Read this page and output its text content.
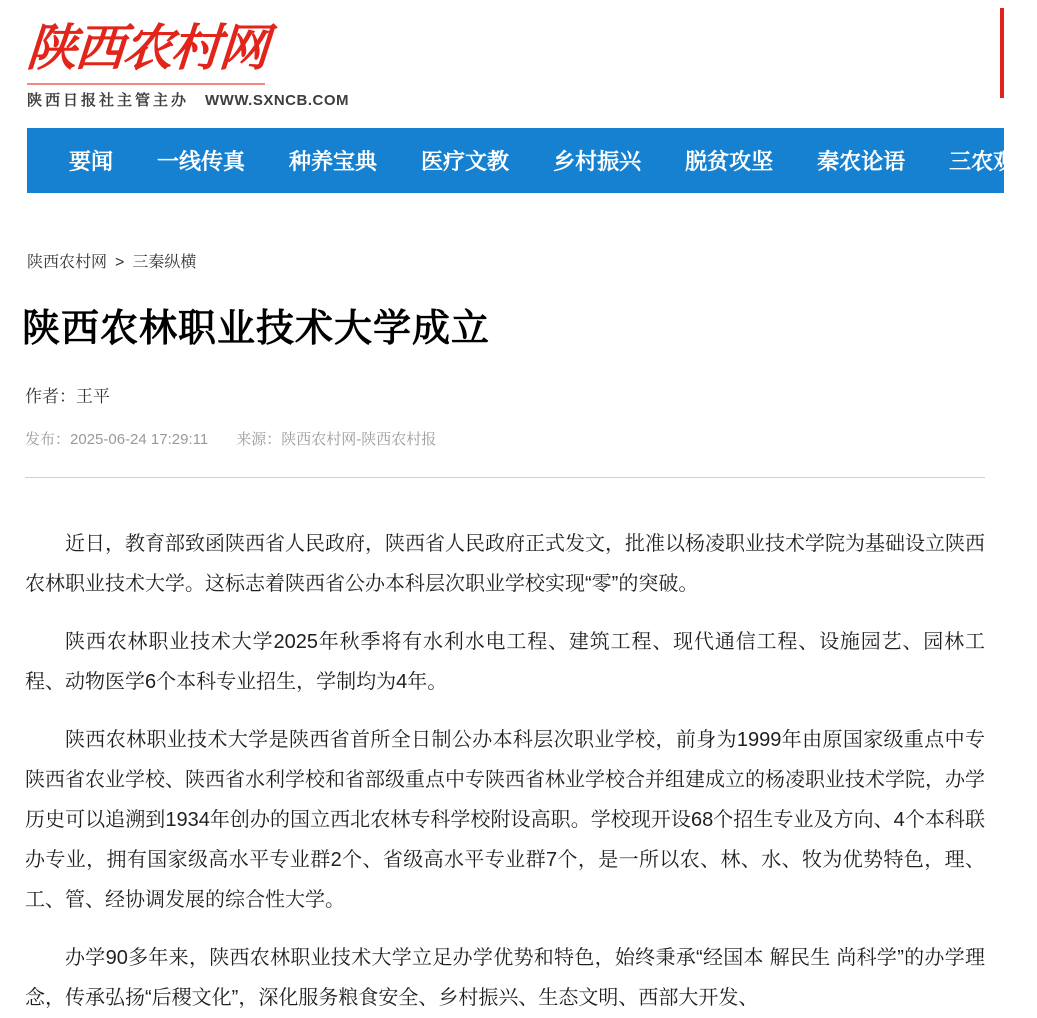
陕西农村网
陕西日报社主管主办 WWW.SXNCB.COM
要闻 一线传真 种养宝典 医疗文教 乡村振兴 脱贫攻坚 秦农论语 三农观察
陕西农村网 > 三秦纵横
陕西农林职业技术大学成立
作者：王平
发布：2025-06-24 17:29:11 来源：陕西农村网-陕西农村报

近日，教育部致函陕西省人民政府，陕西省人民政府正式发文，批准以杨凌职业技术学院为基础设立陕西农林职业技术大学。这标志着陕西省公办本科层次职业学校实现“零”的突破。

陕西农林职业技术大学2025年秋季将有水利水电工程、建筑工程、现代通信工程、设施园艺、园林工程、动物医学6个本科专业招生，学制均为4年。

陕西农林职业技术大学是陕西省首所全日制公办本科层次职业学校，前身为1999年由原国家级重点中专陕西省农业学校、陕西省水利学校和省部级重点中专陕西省林业学校合并组建成立的杨凌职业技术学院，办学历史可以追溯到1934年创办的国立西北农林专科学校附设高职。学校现开设68个招生专业及方向、4个本科联办专业，拥有国家级高水平专业群2个、省级高水平专业群7个，是一所以农、林、水、牧为优势特色，理、工、管、经协调发展的综合性大学。

办学90多年来，陕西农林职业技术大学立足办学优势和特色，始终秉承“经国本 解民生 尚科学”的办学理念，传承弘扬“后稷文化”，深化服务粮食安全、乡村振兴、生态文明、西部大开发、
